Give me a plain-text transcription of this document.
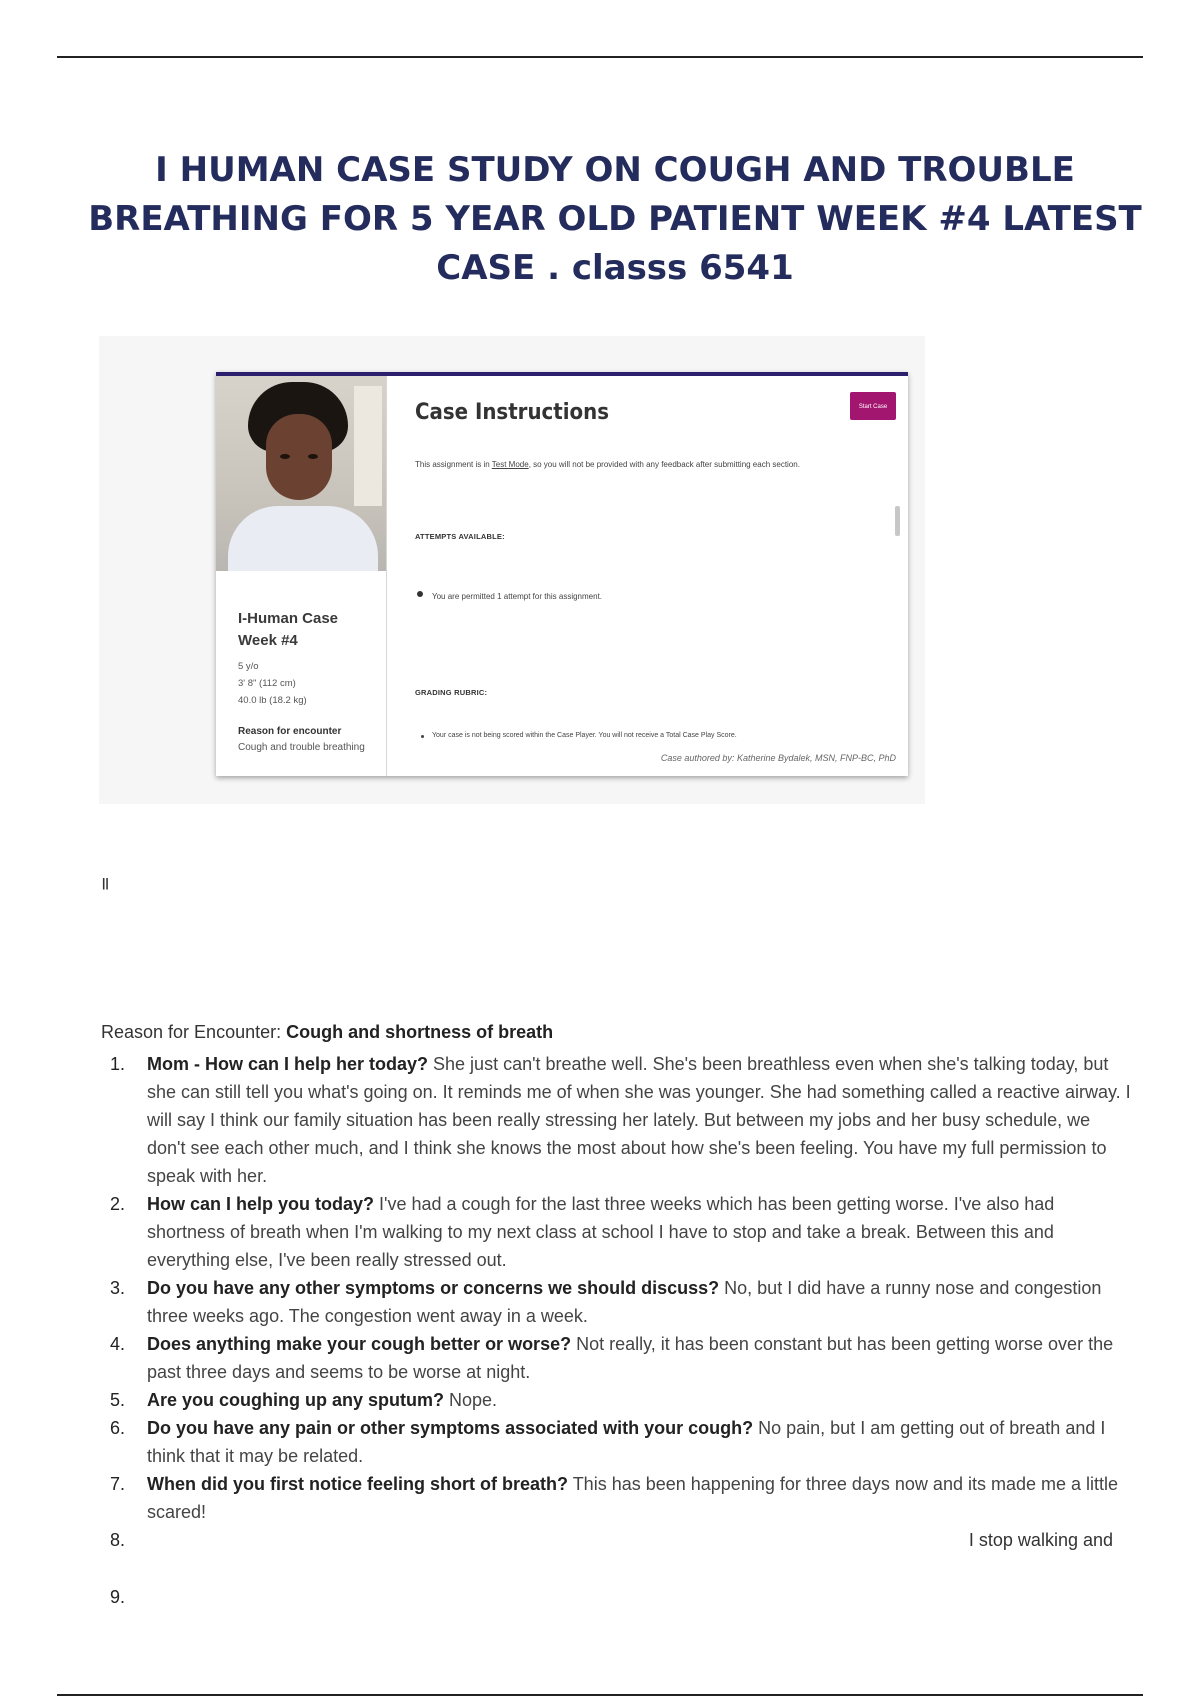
I HUMAN CASE STUDY ON COUGH AND TROUBLE BREATHING FOR 5 YEAR OLD PATIENT WEEK #4 LATEST CASE . classs 6541
I-Human Case Week #4
5 y/o
3' 8" (112 cm)
40.0 lb (18.2 kg)
Reason for encounter
Cough and trouble breathing
Case Instructions	Start Case
This assignment is in Test Mode, so you will not be provided with any feedback after submitting each section.
ATTEMPTS AVAILABLE:
You are permitted 1 attempt for this assignment.
GRADING RUBRIC:
Your case is not being scored within the Case Player. You will not receive a Total Case Play Score.
Case authored by: Katherine Bydalek, MSN, FNP-BC, PhD
||

Reason for Encounter: Cough and shortness of breath

1. Mom - How can I help her today? She just can't breathe well. She's been breathless even when she's talking today, but she can still tell you what's going on. It reminds me of when she was younger. She had something called a reactive airway. I will say I think our family situation has been really stressing her lately. But between my jobs and her busy schedule, we don't see each other much, and I think she knows the most about how she's been feeling. You have my full permission to speak with her.
2. How can I help you today? I've had a cough for the last three weeks which has been getting worse. I've also had shortness of breath when I'm walking to my next class at school I have to stop and take a break. Between this and everything else, I've been really stressed out.
3. Do you have any other symptoms or concerns we should discuss? No, but I did have a runny nose and congestion three weeks ago. The congestion went away in a week.
4. Does anything make your cough better or worse? Not really, it has been constant but has been getting worse over the past three days and seems to be worse at night.
5. Are you coughing up any sputum? Nope.
6. Do you have any pain or other symptoms associated with your cough? No pain, but I am getting out of breath and I think that it may be related.
7. When did you first notice feeling short of breath? This has been happening for three days now and its made me a little scared!
8.	I stop walking and
9.
